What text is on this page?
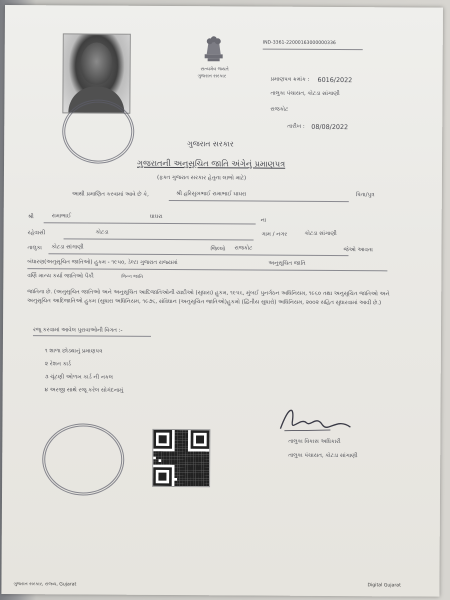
IND-3361-22000163000000336
સત્યમેવ જયતે
ગુજરાત સરકાર	પ્રમાણપત્ર ક્રમાંક : 6016/2022
તાલુકા પંચાયત, કોટડા સાંગાણી
રાજકોટ
તારીખ : 08/08/2022
ગુજરાત સરકાર
ગુજરાતની અનુસૂચિત જાતિ અંગેનું પ્રમાણપત્ર
(ફક્ત ગુજરાત સરકાર હેતુના લાભો માટે)
આથી પ્રમાણિત કરવામાં આવે છે કે,	શ્રી હરિસુખભાઈ રામાભાઈ ઘાઘરા	પિતા/પુત્ર
શ્રી	રામાભાઈ	ઘાઘરા
ના
રહેવાસી	કોટડા	ગામ / નગર	કોટડા સાંગાણી
તાલુકા કોટડા સાંગાણી	જિલ્લો રાજકોટ	જેઓ આવતા
બંધારણ(અનુસૂચિત જાતિઓ) હુકમ - ૧૯૫૦, ડેલ્ટા ગુજરાત રાજ્યમાં	અનુસૂચિત જાતિ
વર્ણિ માન્ય કર્યા જાતિઓ પૈકી	ભિન્ન જાતિ
જાતિના છે. (અનુસૂચિત જાતિઓ અને અનુસૂચિત આદિજાતિઓની યાદીઓ (સુધારા) હુકમ, ૧૯૫૬, મુંબઈ પુનર્ગઠન અધિનિયમ, ૧૯૬૦ તથા અનુસૂચિત જાતિઓ અને અનુસૂચિત આદિજાતિઓ હુકમ (સુધારા અધિનિયમ, ૧૯૭૬, સંવિધાન (અનુસૂચિત જાતિઓ)હુકમો (દ્વિતીય સુધારો) અધિનિયમ, ૨૦૦૨ સહિત સુધારવામાં આવી છે.)
રજૂ કરવામાં આવેલ પુરાવાઓની વિગત :-
૧ શાળા છોડ્યાનું પ્રમાણપત્ર
૨ રેશન કાર્ડ
૩ ચૂંટણી ઓળખ કાર્ડ ની નકલ
૪ અરજી સાથે રજૂ કરેલ સોગંદનામું
તાલુકા વિકાસ અધિકારી
તાલુકા પંચાયત, કોટડા સાંગાણી
ગુજરાત સરકાર, રાજ્ય, Gujarat	Digital Gujarat
